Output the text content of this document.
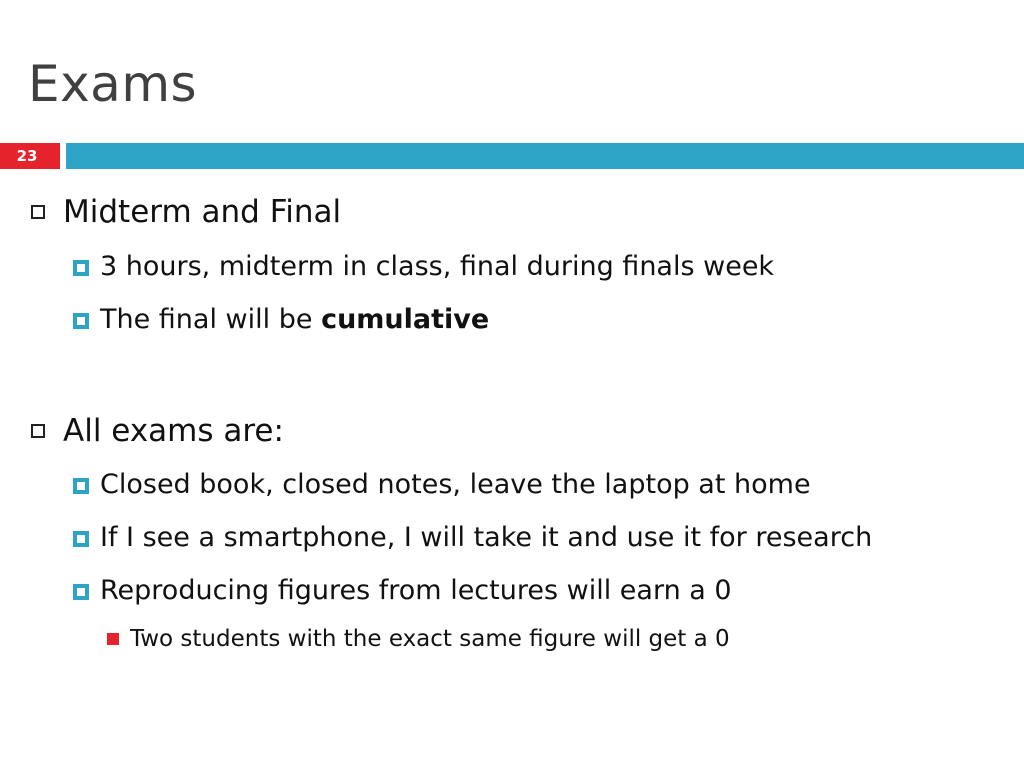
Exams
23
Midterm and Final
3 hours, midterm in class, final during finals week
The final will be cumulative
All exams are:
Closed book, closed notes, leave the laptop at home
If I see a smartphone, I will take it and use it for research
Reproducing figures from lectures will earn a 0
Two students with the exact same figure will get a 0
